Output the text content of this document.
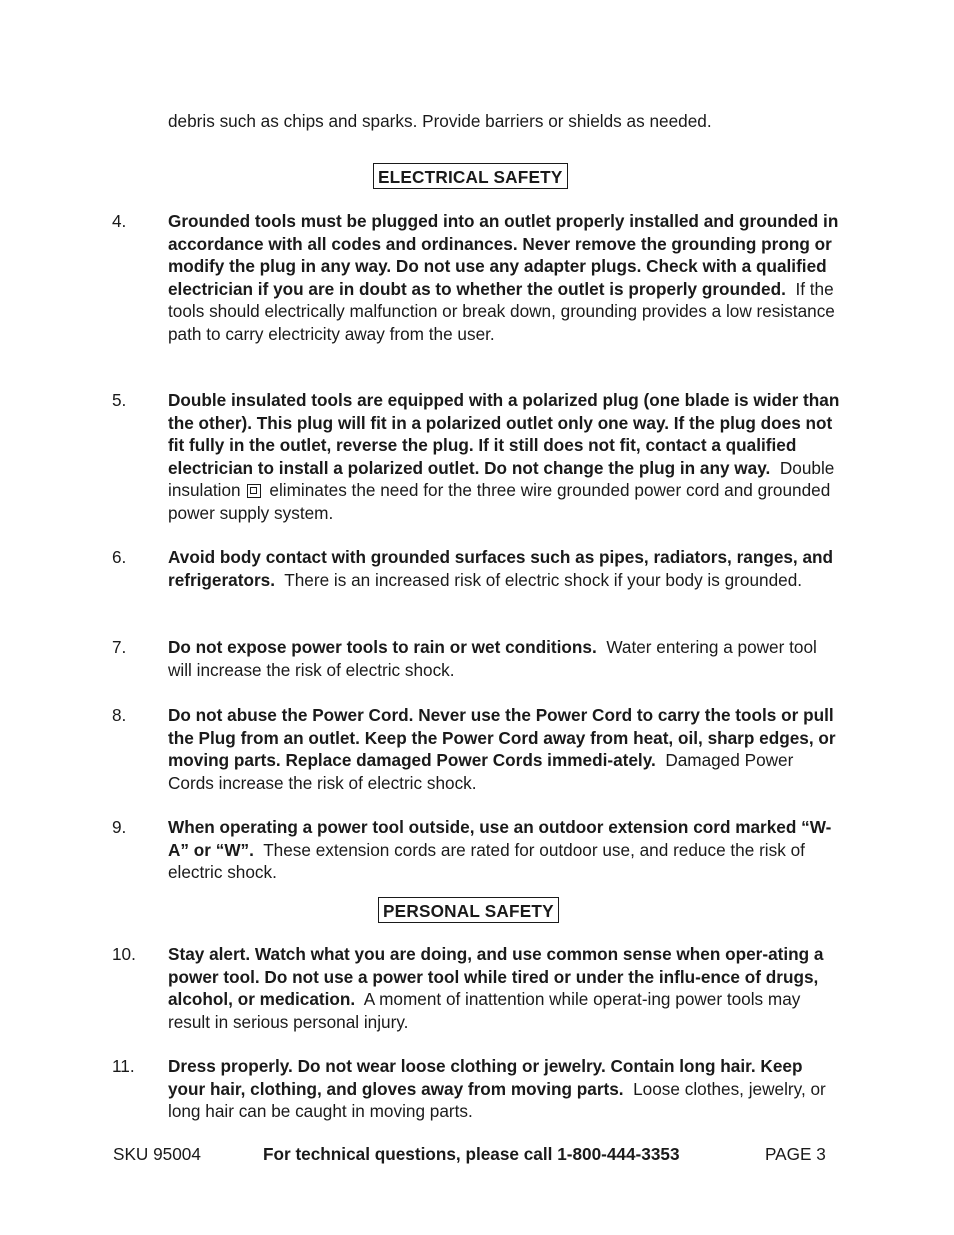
debris such as chips and sparks. Provide barriers or shields as needed.

ELECTRICAL SAFETY
4. Grounded tools must be plugged into an outlet properly installed and grounded in accordance with all codes and ordinances. Never remove the grounding prong or modify the plug in any way. Do not use any adapter plugs. Check with a qualified electrician if you are in doubt as to whether the outlet is properly grounded. If the tools should electrically malfunction or break down, grounding provides a low resistance path to carry electricity away from the user.
5. Double insulated tools are equipped with a polarized plug (one blade is wider than the other). This plug will fit in a polarized outlet only one way. If the plug does not fit fully in the outlet, reverse the plug. If it still does not fit, contact a qualified electrician to install a polarized outlet. Do not change the plug in any way. Double insulation eliminates the need for the three wire grounded power cord and grounded power supply system.
6. Avoid body contact with grounded surfaces such as pipes, radiators, ranges, and refrigerators. There is an increased risk of electric shock if your body is grounded.
7. Do not expose power tools to rain or wet conditions. Water entering a power tool will increase the risk of electric shock.
8. Do not abuse the Power Cord. Never use the Power Cord to carry the tools or pull the Plug from an outlet. Keep the Power Cord away from heat, oil, sharp edges, or moving parts. Replace damaged Power Cords immedi-ately. Damaged Power Cords increase the risk of electric shock.
9. When operating a power tool outside, use an outdoor extension cord marked “W-A” or “W”. These extension cords are rated for outdoor use, and reduce the risk of electric shock.
PERSONAL SAFETY
10. Stay alert. Watch what you are doing, and use common sense when oper-ating a power tool. Do not use a power tool while tired or under the influ-ence of drugs, alcohol, or medication. A moment of inattention while operat-ing power tools may result in serious personal injury.
11. Dress properly. Do not wear loose clothing or jewelry. Contain long hair. Keep your hair, clothing, and gloves away from moving parts. Loose clothes, jewelry, or long hair can be caught in moving parts.
SKU 95004	For technical questions, please call 1-800-444-3353	PAGE 3
